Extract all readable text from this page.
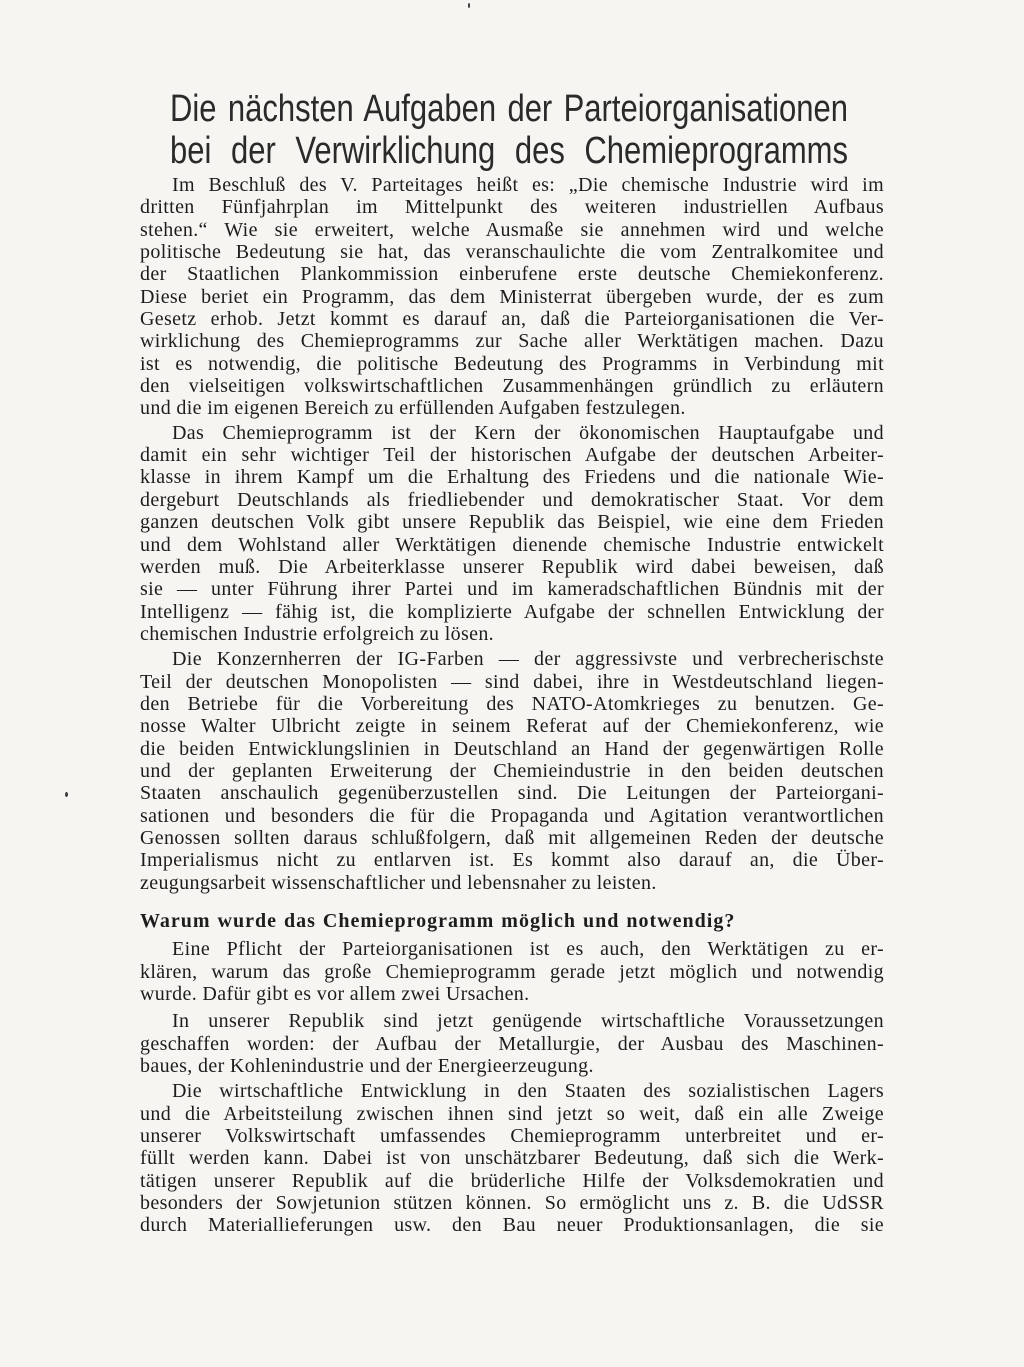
Die nächsten Aufgaben der Parteiorganisationen
bei der Verwirklichung des Chemieprogramms
Im Beschluß des V. Parteitages heißt es: „Die chemische Industrie wird im
dritten Fünfjahrplan im Mittelpunkt des weiteren industriellen Aufbaus
stehen.“ Wie sie erweitert, welche Ausmaße sie annehmen wird und welche
politische Bedeutung sie hat, das veranschaulichte die vom Zentralkomitee und
der Staatlichen Plankommission einberufene erste deutsche Chemiekonferenz.
Diese beriet ein Programm, das dem Ministerrat übergeben wurde, der es zum
Gesetz erhob. Jetzt kommt es darauf an, daß die Parteiorganisationen die Ver-
wirklichung des Chemieprogramms zur Sache aller Werktätigen machen. Dazu
ist es notwendig, die politische Bedeutung des Programms in Verbindung mit
den vielseitigen volkswirtschaftlichen Zusammenhängen gründlich zu erläutern
und die im eigenen Bereich zu erfüllenden Aufgaben festzulegen.
Das Chemieprogramm ist der Kern der ökonomischen Hauptaufgabe und
damit ein sehr wichtiger Teil der historischen Aufgabe der deutschen Arbeiter-
klasse in ihrem Kampf um die Erhaltung des Friedens und die nationale Wie-
dergeburt Deutschlands als friedliebender und demokratischer Staat. Vor dem
ganzen deutschen Volk gibt unsere Republik das Beispiel, wie eine dem Frieden
und dem Wohlstand aller Werktätigen dienende chemische Industrie entwickelt
werden muß. Die Arbeiterklasse unserer Republik wird dabei beweisen, daß
sie — unter Führung ihrer Partei und im kameradschaftlichen Bündnis mit der
Intelligenz — fähig ist, die komplizierte Aufgabe der schnellen Entwicklung der
chemischen Industrie erfolgreich zu lösen.
Die Konzernherren der IG-Farben — der aggressivste und verbrecherischste
Teil der deutschen Monopolisten — sind dabei, ihre in Westdeutschland liegen-
den Betriebe für die Vorbereitung des NATO-Atomkrieges zu benutzen. Ge-
nosse Walter Ulbricht zeigte in seinem Referat auf der Chemiekonferenz, wie
die beiden Entwicklungslinien in Deutschland an Hand der gegenwärtigen Rolle
und der geplanten Erweiterung der Chemieindustrie in den beiden deutschen
Staaten anschaulich gegenüberzustellen sind. Die Leitungen der Parteiorgani-
sationen und besonders die für die Propaganda und Agitation verantwortlichen
Genossen sollten daraus schlußfolgern, daß mit allgemeinen Reden der deutsche
Imperialismus nicht zu entlarven ist. Es kommt also darauf an, die Über-
zeugungsarbeit wissenschaftlicher und lebensnaher zu leisten.
Warum wurde das Chemieprogramm möglich und notwendig?
Eine Pflicht der Parteiorganisationen ist es auch, den Werktätigen zu er-
klären, warum das große Chemieprogramm gerade jetzt möglich und notwendig
wurde. Dafür gibt es vor allem zwei Ursachen.
In unserer Republik sind jetzt genügende wirtschaftliche Voraussetzungen
geschaffen worden: der Aufbau der Metallurgie, der Ausbau des Maschinen-
baues, der Kohlenindustrie und der Energieerzeugung.
Die wirtschaftliche Entwicklung in den Staaten des sozialistischen Lagers
und die Arbeitsteilung zwischen ihnen sind jetzt so weit, daß ein alle Zweige
unserer Volkswirtschaft umfassendes Chemieprogramm unterbreitet und er-
füllt werden kann. Dabei ist von unschätzbarer Bedeutung, daß sich die Werk-
tätigen unserer Republik auf die brüderliche Hilfe der Volksdemokratien und
besonders der Sowjetunion stützen können. So ermöglicht uns z. B. die UdSSR
durch Materiallieferungen usw. den Bau neuer Produktionsanlagen, die sie
